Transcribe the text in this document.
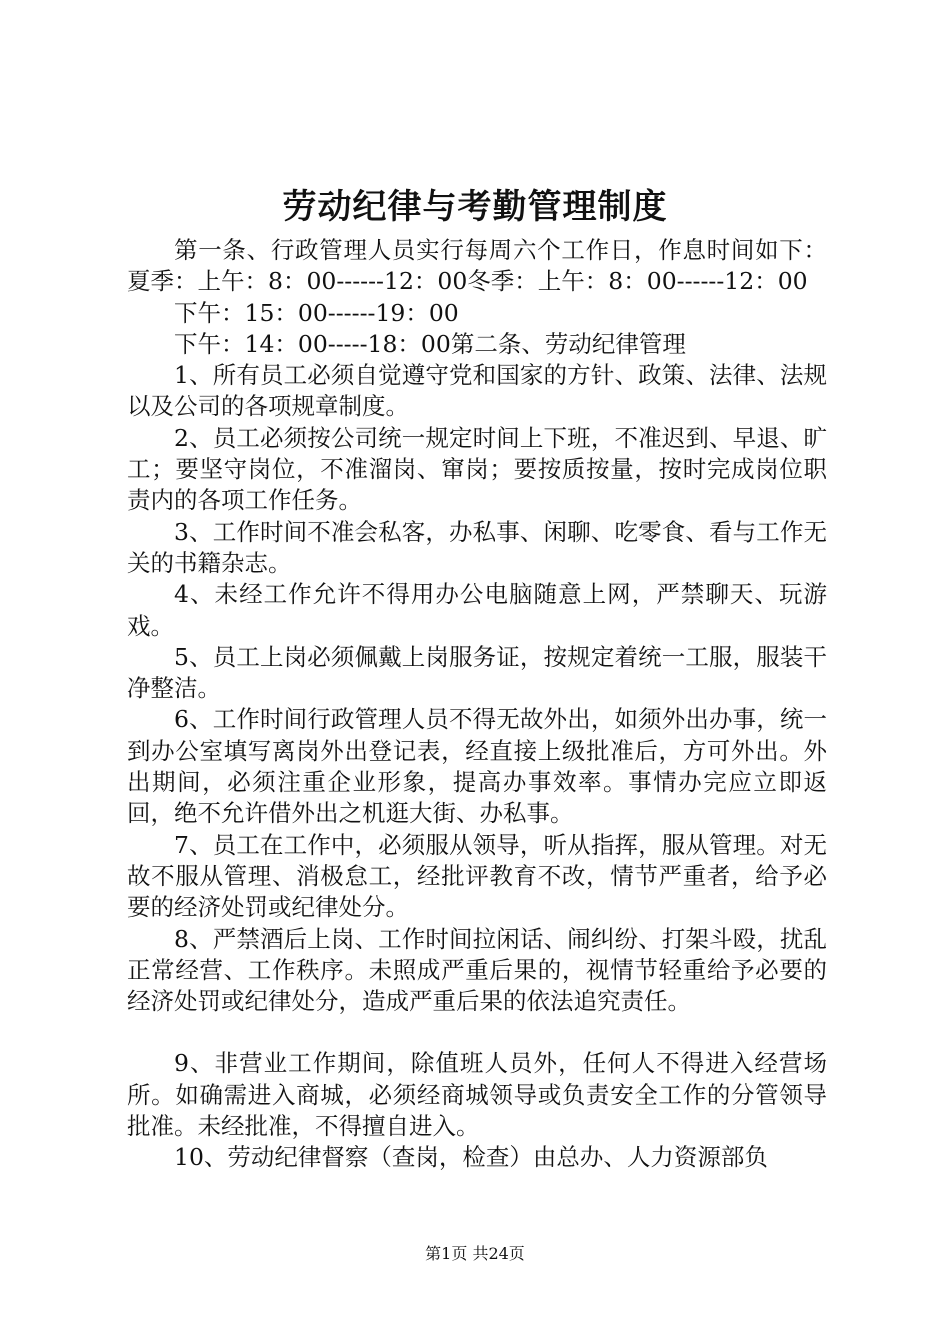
劳动纪律与考勤管理制度

第一条、行政管理人员实行每周六个工作日，作息时间如下：夏季：上午：8：00------12：00冬季：上午：8：00------12：00

下午：15：00------19：00

下午：14：00-----18：00第二条、劳动纪律管理

1、所有员工必须自觉遵守党和国家的方针、政策、法律、法规以及公司的各项规章制度。

2、员工必须按公司统一规定时间上下班，不准迟到、早退、旷工；要坚守岗位，不准溜岗、窜岗；要按质按量，按时完成岗位职责内的各项工作任务。

3、工作时间不准会私客，办私事、闲聊、吃零食、看与工作无关的书籍杂志。

4、未经工作允许不得用办公电脑随意上网，严禁聊天、玩游戏。

5、员工上岗必须佩戴上岗服务证，按规定着统一工服，服装干净整洁。

6、工作时间行政管理人员不得无故外出，如须外出办事，统一到办公室填写离岗外出登记表，经直接上级批准后，方可外出。外出期间，必须注重企业形象，提高办事效率。事情办完应立即返回，绝不允许借外出之机逛大街、办私事。

7、员工在工作中，必须服从领导，听从指挥，服从管理。对无故不服从管理、消极怠工，经批评教育不改，情节严重者，给予必要的经济处罚或纪律处分。

8、严禁酒后上岗、工作时间拉闲话、闹纠纷、打架斗殴，扰乱正常经营、工作秩序。未照成严重后果的，视情节轻重给予必要的经济处罚或纪律处分，造成严重后果的依法追究责任。

9、非营业工作期间，除值班人员外，任何人不得进入经营场所。如确需进入商城，必须经商城领导或负责安全工作的分管领导批准。未经批准，不得擅自进入。

10、劳动纪律督察（查岗，检查）由总办、人力资源部负

第1页 共24页
